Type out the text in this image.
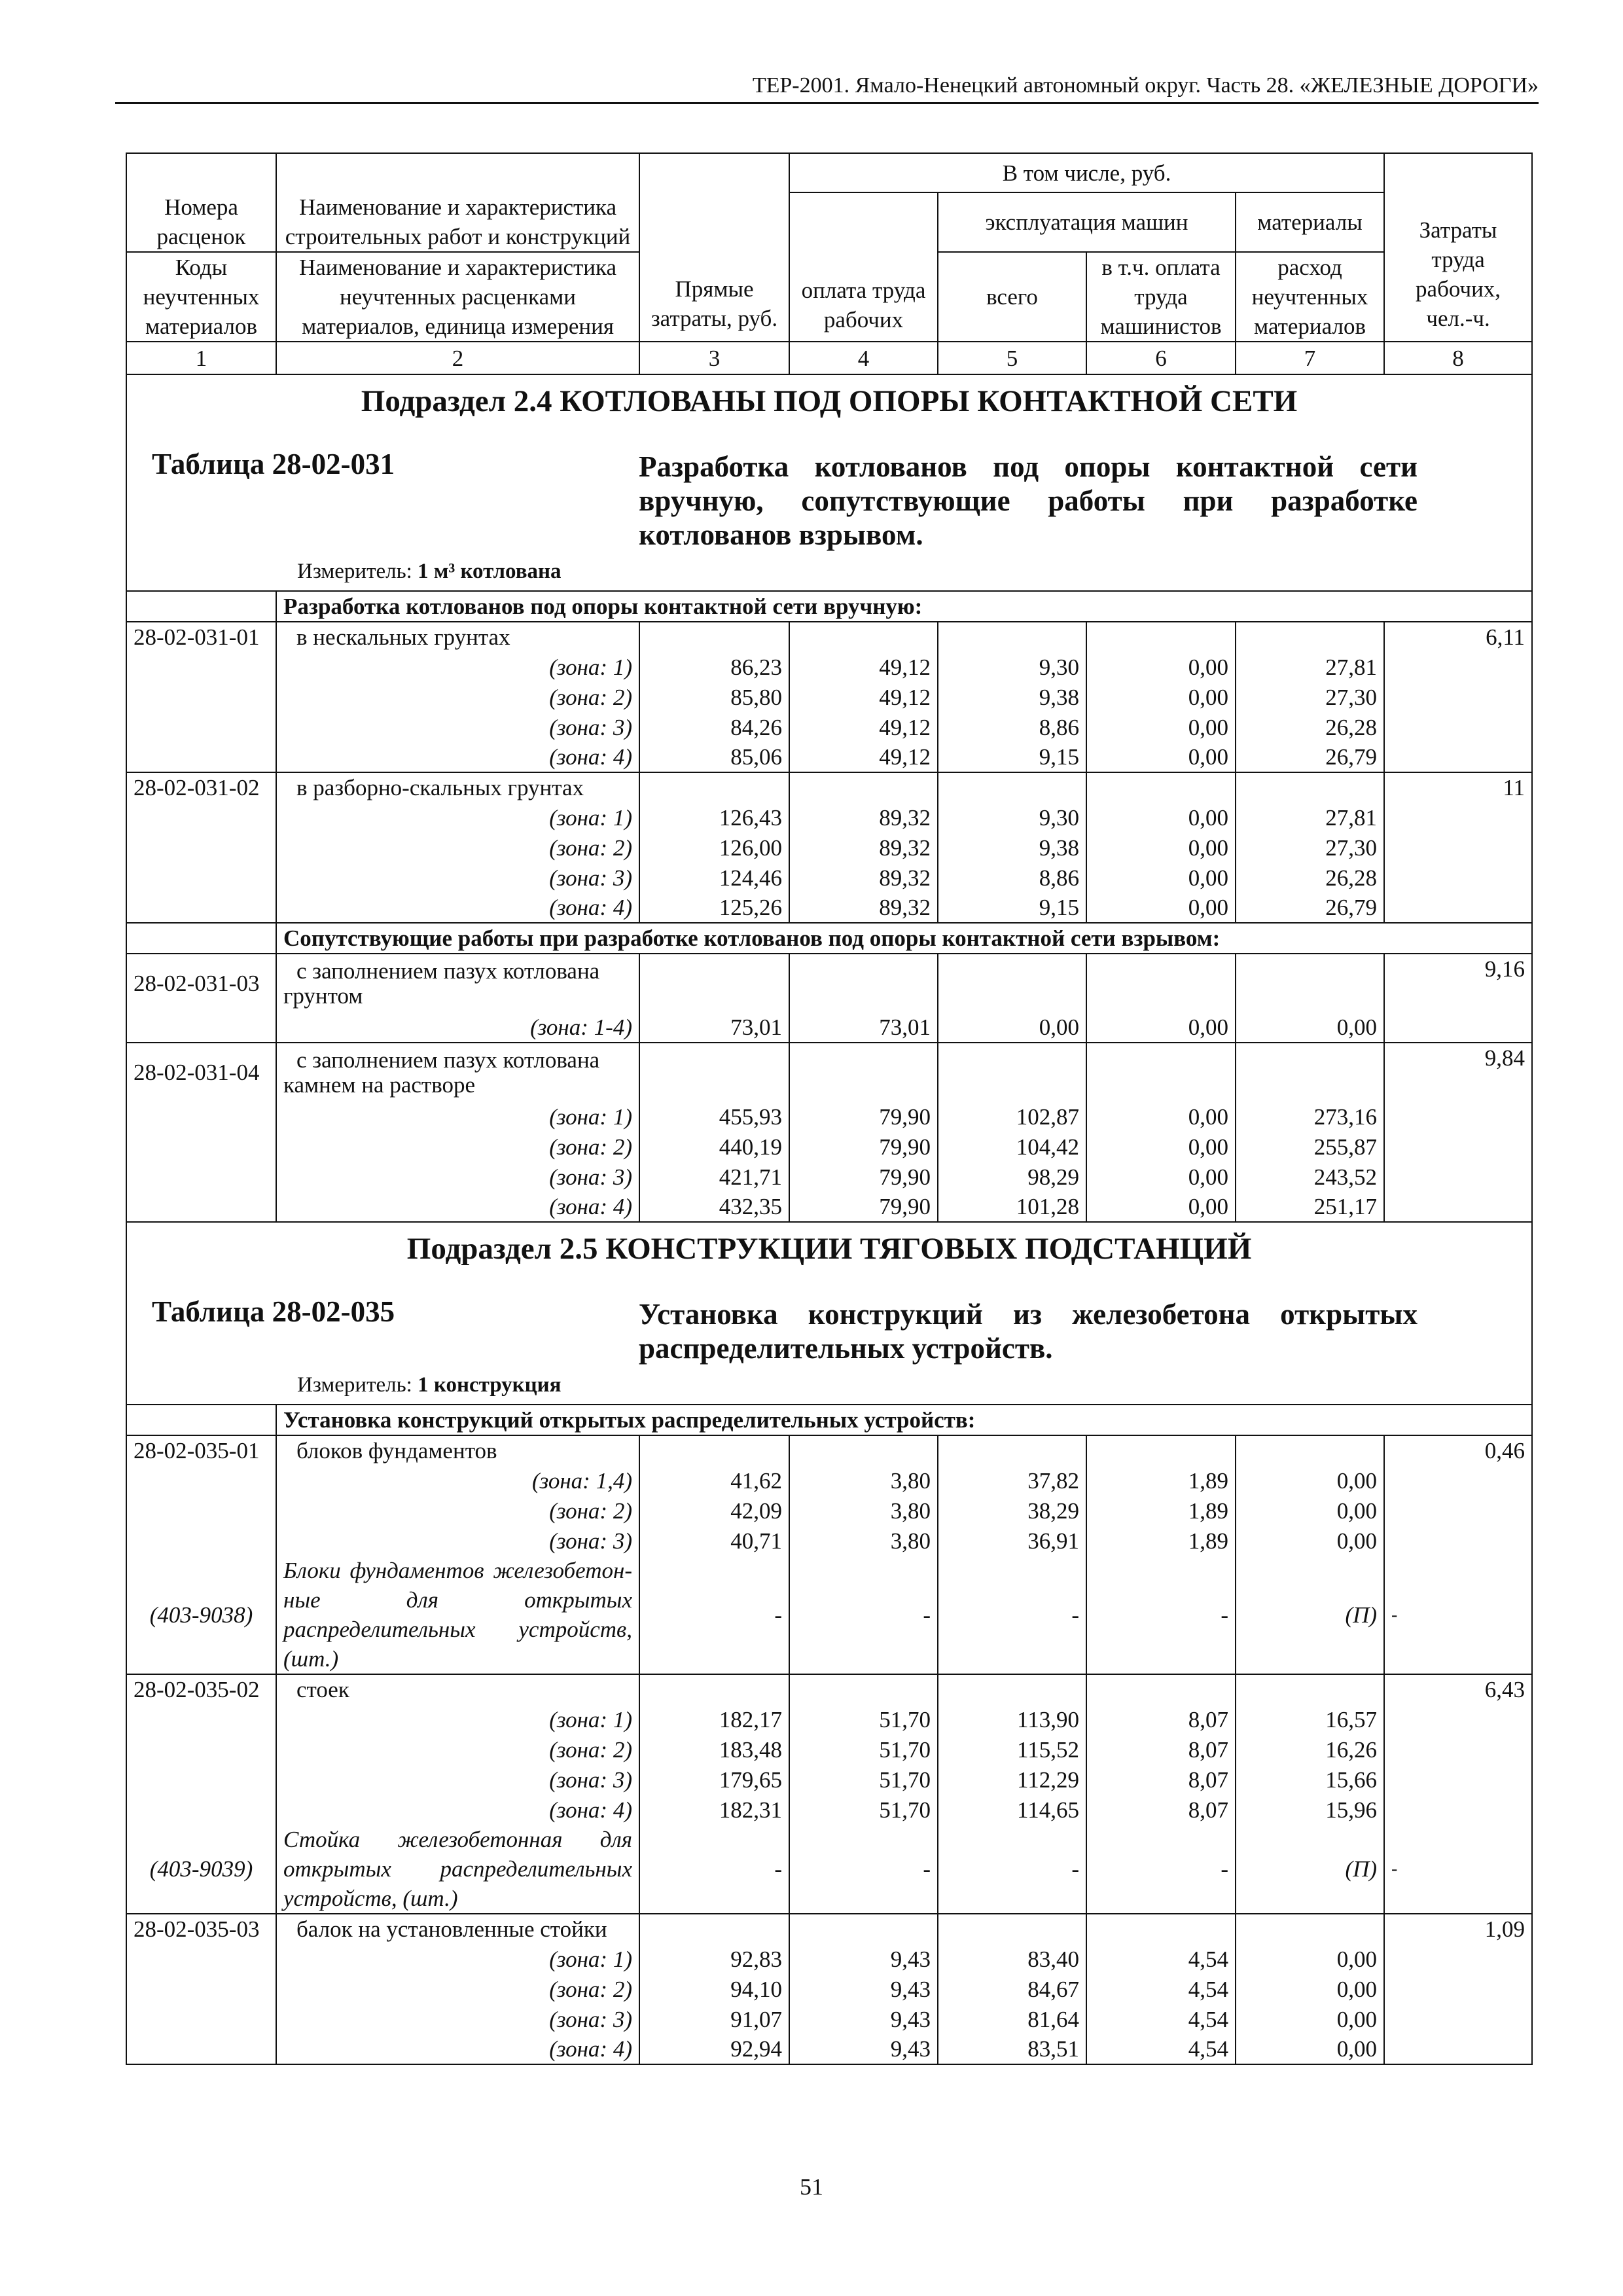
ТЕР-2001. Ямало-Ненецкий автономный округ. Часть 28. «ЖЕЛЕЗНЫЕ ДОРОГИ»
		Прямые затраты, руб.	В том числе, руб.				Затраты труда рабочих, чел.-ч.
Номера расценок	Наименование и характеристика строительных работ и конструкций		оплата труда рабочих	эксплуатация машин		материалы	
Коды неучтенных материалов	Наименование и характеристика неучтенных расценками материалов, единица измерения			всего	в т.ч. оплата труда машинистов	расход неучтенных материалов	
1	2	3	4	5	6	7	8

Подраздел 2.4 КОТЛОВАНЫ ПОД ОПОРЫ КОНТАКТНОЙ СЕТИ
Таблица 28-02-031 Разработка котлованов под опоры контактной сети вручную, сопутствующие работы при разработке котлованов взрывом.
Измеритель: 1 м³ котлована							

	Разработка котлованов под опоры контактной сети вручную:						
28-02-031-01	в нескальных грунтах						6,11
	(зона: 1)	86,23	49,12	9,30	0,00	27,81	
	(зона: 2)	85,80	49,12	9,38	0,00	27,30	
	(зона: 3)	84,26	49,12	8,86	0,00	26,28	
	(зона: 4)	85,06	49,12	9,15	0,00	26,79	
28-02-031-02	в разборно-скальных грунтах						11
	(зона: 1)	126,43	89,32	9,30	0,00	27,81	
	(зона: 2)	126,00	89,32	9,38	0,00	27,30	
	(зона: 3)	124,46	89,32	8,86	0,00	26,28	
	(зона: 4)	125,26	89,32	9,15	0,00	26,79	
	Сопутствующие работы при разработке котлованов под опоры контактной сети взрывом:						
28-02-031-03	с заполнением пазух котлована грунтом						9,16
	(зона: 1-4)	73,01	73,01	0,00	0,00	0,00	
28-02-031-04	с заполнением пазух котлована камнем на растворе						9,84
	(зона: 1)	455,93	79,90	102,87	0,00	273,16	
	(зона: 2)	440,19	79,90	104,42	0,00	255,87	
	(зона: 3)	421,71	79,90	98,29	0,00	243,52	
	(зона: 4)	432,35	79,90	101,28	0,00	251,17	

Подраздел 2.5 КОНСТРУКЦИИ ТЯГОВЫХ ПОДСТАНЦИЙ
Таблица 28-02-035 Установка конструкций из железобетона открытых распределительных устройств.
Измеритель: 1 конструкция							

	Установка конструкций открытых распределительных устройств:						
28-02-035-01	блоков фундаментов						0,46
	(зона: 1,4)	41,62	3,80	37,82	1,89	0,00	
	(зона: 2)	42,09	3,80	38,29	1,89	0,00	
	(зона: 3)	40,71	3,80	36,91	1,89	0,00	
(403-9038)	Блоки фундаментов железобетонные для открытых распределительных устройств, (шт.)	-	-	-	-	(П)	-
28-02-035-02	стоек						6,43
	(зона: 1)	182,17	51,70	113,90	8,07	16,57	
	(зона: 2)	183,48	51,70	115,52	8,07	16,26	
	(зона: 3)	179,65	51,70	112,29	8,07	15,66	
	(зона: 4)	182,31	51,70	114,65	8,07	15,96	
(403-9039)	Стойка железобетонная для открытых распределительных устройств, (шт.)	-	-	-	-	(П)	-
28-02-035-03	балок на установленные стойки						1,09
	(зона: 1)	92,83	9,43	83,40	4,54	0,00	
	(зона: 2)	94,10	9,43	84,67	4,54	0,00	
	(зона: 3)	91,07	9,43	81,64	4,54	0,00	
	(зона: 4)	92,94	9,43	83,51	4,54	0,00	
51
